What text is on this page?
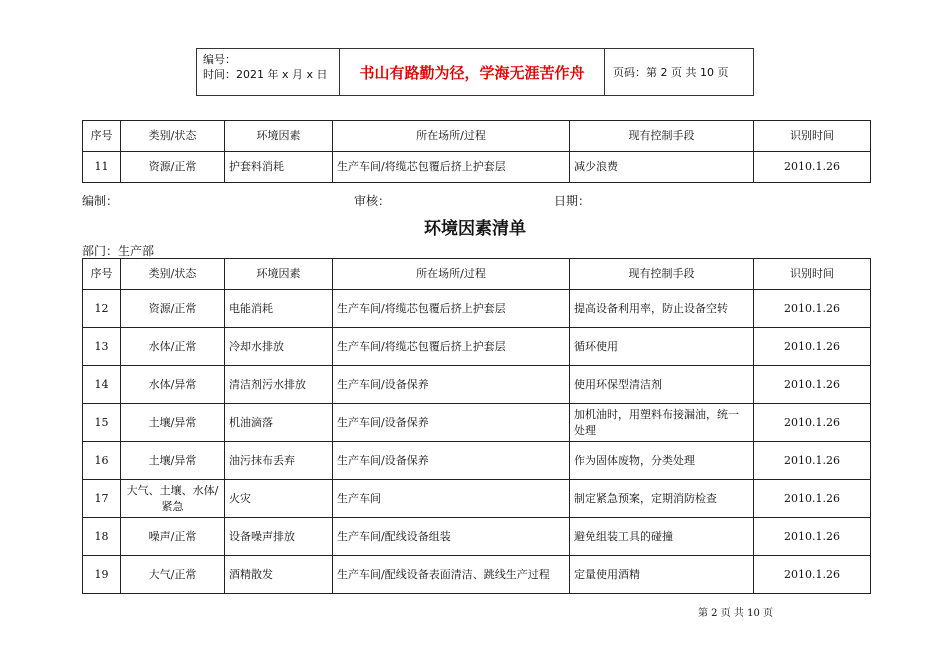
编号：
时间：2021 年 x 月 x 日	书山有路勤为径，学海无涯苦作舟	页码：第 2 页 共 10 页
序号	类别/状态	环境因素	所在场所/过程	现有控制手段	识别时间
11	资源/正常	护套料消耗	生产车间/将缆芯包覆后挤上护套层	减少浪费	2010.1.26
编制：	审核：	日期：
环境因素清单
部门：生产部
序号	类别/状态	环境因素	所在场所/过程	现有控制手段	识别时间
12	资源/正常	电能消耗	生产车间/将缆芯包覆后挤上护套层	提高设备利用率，防止设备空转	2010.1.26
13	水体/正常	冷却水排放	生产车间/将缆芯包覆后挤上护套层	循环使用	2010.1.26
14	水体/异常	清洁剂污水排放	生产车间/设备保养	使用环保型清洁剂	2010.1.26
15	土壤/异常	机油滴落	生产车间/设备保养	加机油时，用塑料布接漏油，统一处理	2010.1.26
16	土壤/异常	油污抹布丢弃	生产车间/设备保养	作为固体废物，分类处理	2010.1.26
17	大气、土壤、水体/紧急	火灾	生产车间	制定紧急预案，定期消防检查	2010.1.26
18	噪声/正常	设备噪声排放	生产车间/配线设备组装	避免组装工具的碰撞	2010.1.26
19	大气/正常	酒精散发	生产车间/配线设备表面清洁、跳线生产过程	定量使用酒精	2010.1.26
第 2 页 共 10 页
